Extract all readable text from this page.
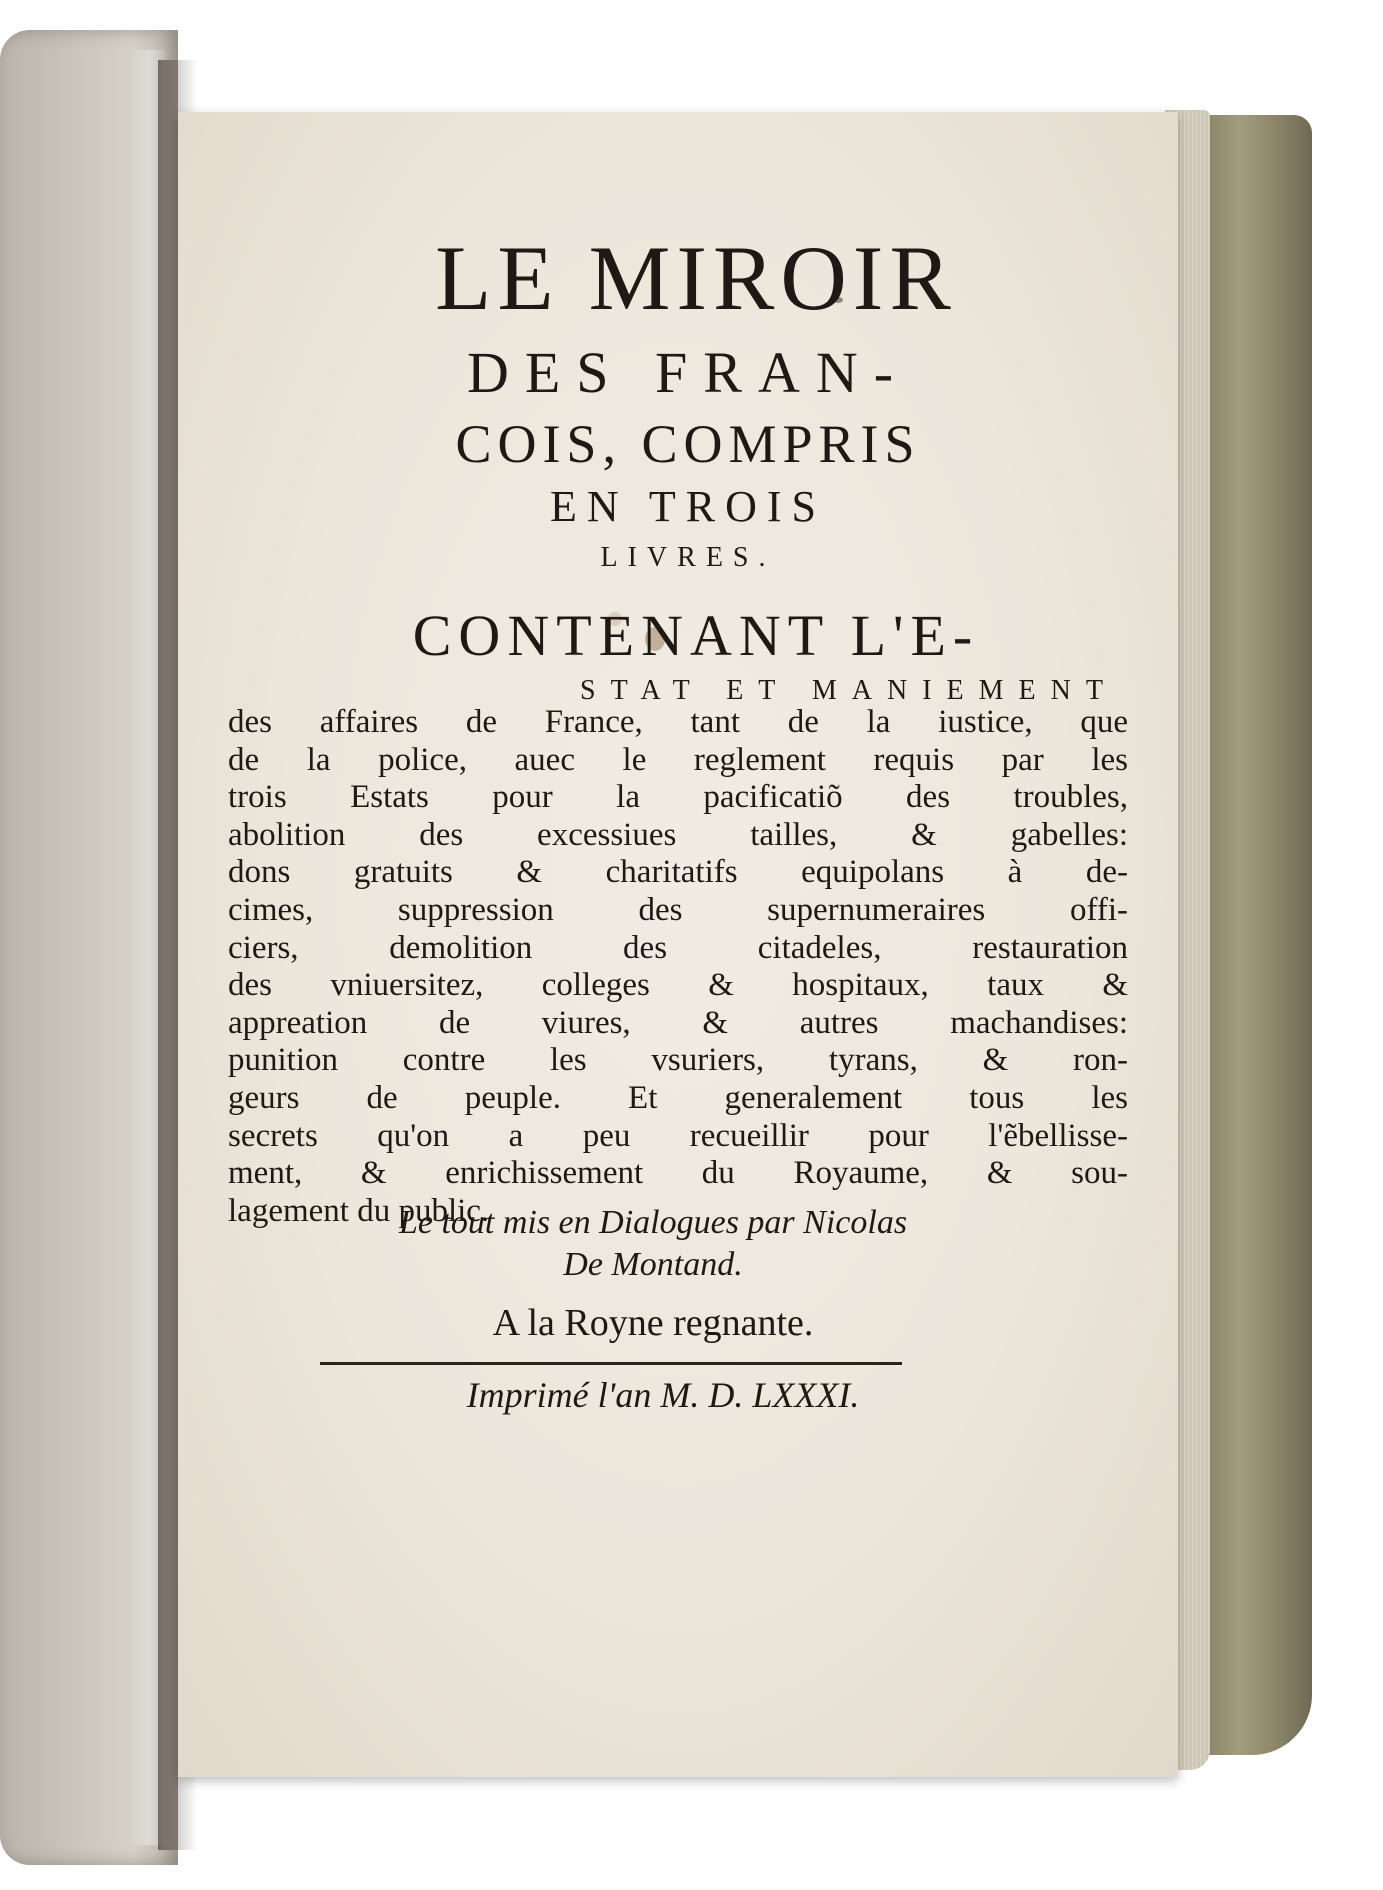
LE MIROIR
DES FRAN-
COIS, COMPRIS
EN TROIS
LIVRES.
CONTENANT L'E-
STAT ET MANIEMENT
des affaires de France, tant de la iustice, que
de la police, auec le reglement requis par les
trois Estats pour la pacificatiõ des troubles,
abolition des excessiues tailles, & gabelles:
dons gratuits & charitatifs equipolans à de-
cimes, suppression des supernumeraires offi-
ciers, demolition des citadeles, restauration
des vniuersitez, colleges & hospitaux, taux &
appreation de viures, & autres machandises:
punition contre les vsuriers, tyrans, & ron-
geurs de peuple. Et generalement tous les
secrets qu'on a peu recueillir pour l'ẽbellisse-
ment, & enrichissement du Royaume, & sou-
lagement du public.
Le tout mis en Dialogues par Nicolas
De Montand.
A la Royne regnante.
Imprimé l'an M. D. LXXXI.
